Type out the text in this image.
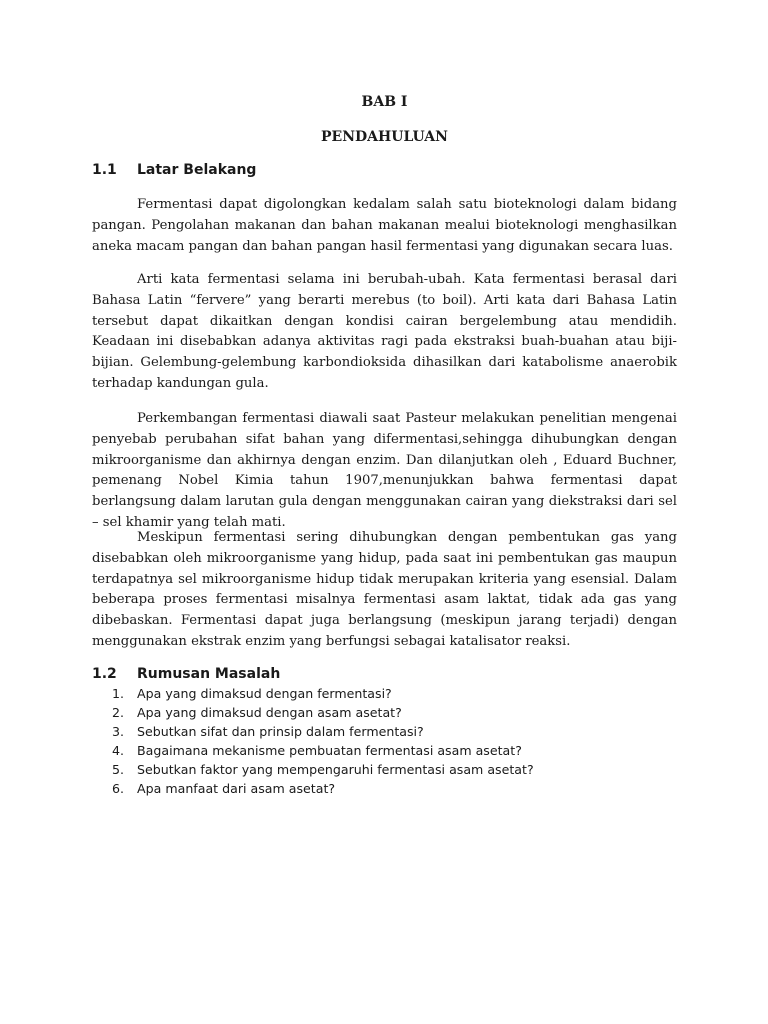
BAB I
PENDAHULUAN
1.1 Latar Belakang

Fermentasi dapat digolongkan kedalam salah satu bioteknologi dalam bidang pangan. Pengolahan makanan dan bahan makanan mealui bioteknologi menghasilkan aneka macam pangan dan bahan pangan hasil fermentasi yang digunakan secara luas.

Arti kata fermentasi selama ini berubah-ubah. Kata fermentasi berasal dari Bahasa Latin “fervere” yang berarti merebus (to boil). Arti kata dari Bahasa Latin tersebut dapat dikaitkan dengan kondisi cairan bergelembung atau mendidih. Keadaan ini disebabkan adanya aktivitas ragi pada ekstraksi buah-buahan atau biji-bijian. Gelembung-gelembung karbondioksida dihasilkan dari katabolisme anaerobik terhadap kandungan gula.

Perkembangan fermentasi diawali saat Pasteur melakukan penelitian mengenai penyebab perubahan sifat bahan yang difermentasi,sehingga dihubungkan dengan mikroorganisme dan akhirnya dengan enzim. Dan dilanjutkan oleh , Eduard Buchner, pemenang Nobel Kimia tahun 1907,menunjukkan bahwa fermentasi dapat berlangsung dalam larutan gula dengan menggunakan cairan yang diekstraksi dari sel – sel khamir yang telah mati.

Meskipun fermentasi sering dihubungkan dengan pembentukan gas yang disebabkan oleh mikroorganisme yang hidup, pada saat ini pembentukan gas maupun terdapatnya sel mikroorganisme hidup tidak merupakan kriteria yang esensial. Dalam beberapa proses fermentasi misalnya fermentasi asam laktat, tidak ada gas yang dibebaskan. Fermentasi dapat juga berlangsung (meskipun jarang terjadi) dengan menggunakan ekstrak enzim yang berfungsi sebagai katalisator reaksi.

1.2 Rumusan Masalah
1.	Apa yang dimaksud dengan fermentasi?
2.	Apa yang dimaksud dengan asam asetat?
3.	Sebutkan sifat dan prinsip dalam fermentasi?
4.	Bagaimana mekanisme pembuatan fermentasi asam asetat?
5.	Sebutkan faktor yang mempengaruhi fermentasi asam asetat?
6.	Apa manfaat dari asam asetat?
